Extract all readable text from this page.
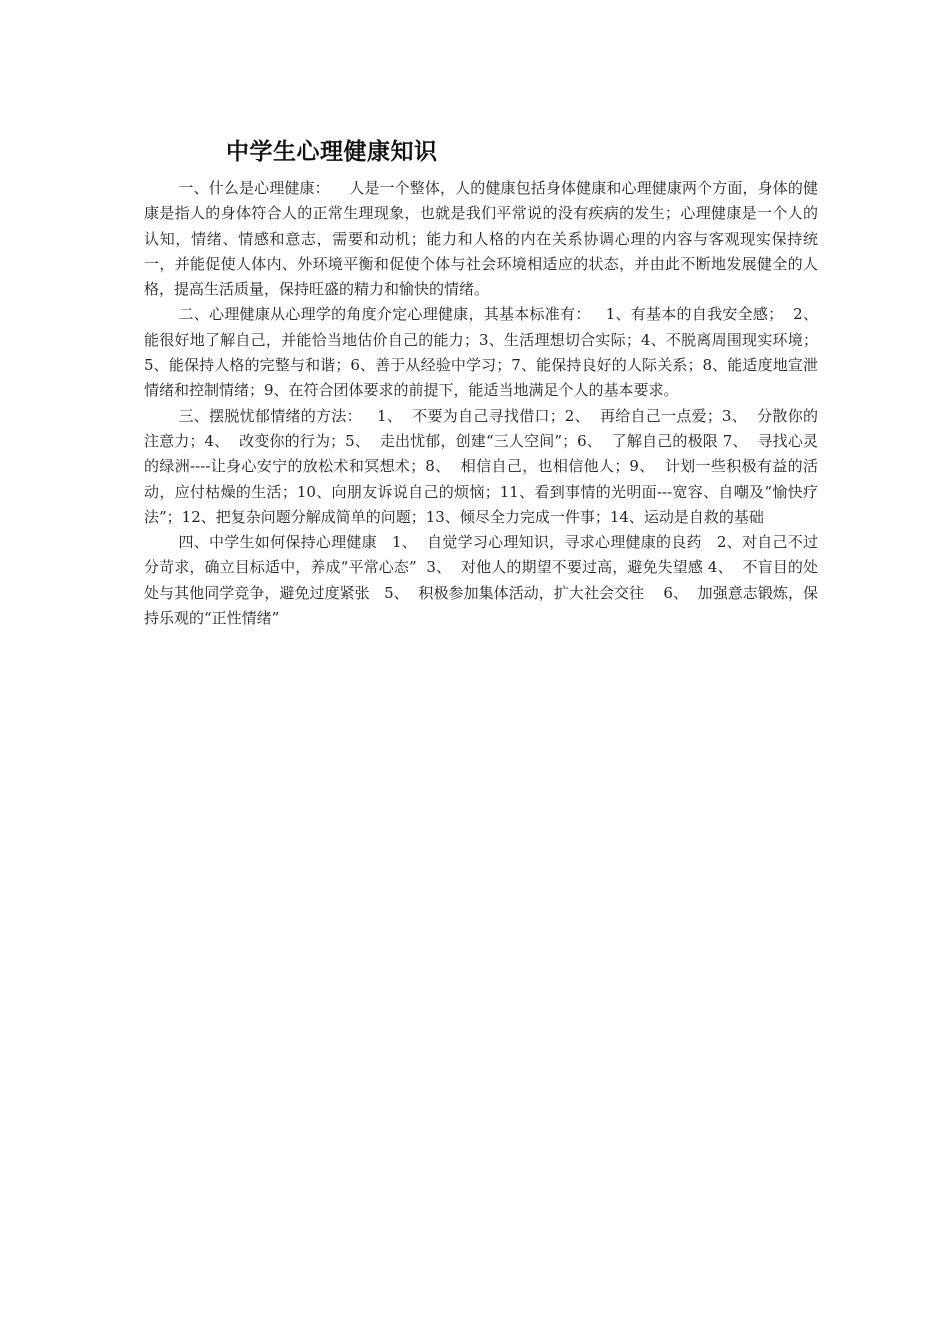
中学生心理健康知识

一、什么是心理健康：    人是一个整体，人的健康包括身体健康和心理健康两个方面，身体的健康是指人的身体符合人的正常生理现象，也就是我们平常说的没有疾病的发生；心理健康是一个人的认知，情绪、情感和意志，需要和动机；能力和人格的内在关系协调心理的内容与客观现实保持统一，并能促使人体内、外环境平衡和促使个体与社会环境相适应的状态，并由此不断地发展健全的人格，提高生活质量，保持旺盛的精力和愉快的情绪。

二、心理健康从心理学的角度介定心理健康，其基本标准有：   1、有基本的自我安全感；  2、能很好地了解自己，并能恰当地估价自己的能力；3、生活理想切合实际；4、不脱离周围现实环境；5、能保持人格的完整与和谐；6、善于从经验中学习；7、能保持良好的人际关系；8、能适度地宣泄情绪和控制情绪；9、在符合团体要求的前提下，能适当地满足个人的基本要求。

三、摆脱忧郁情绪的方法：   1、  不要为自己寻找借口；2、  再给自己一点爱；3、  分散你的注意力；4、  改变你的行为；5、  走出忧郁，创建“三人空间”；6、  了解自己的极限 7、  寻找心灵的绿洲----让身心安宁的放松术和冥想术；8、  相信自己，也相信他人；9、  计划一些积极有益的活动，应付枯燥的生活；10、向朋友诉说自己的烦恼；11、看到事情的光明面---宽容、自嘲及“愉快疗法”；12、把复杂问题分解成简单的问题；13、倾尽全力完成一件事；14、运动是自救的基础

四、中学生如何保持心理健康   1、  自觉学习心理知识，寻求心理健康的良药   2、对自己不过分苛求，确立目标适中，养成“平常心态”  3、  对他人的期望不要过高，避免失望感 4、  不盲目的处处与其他同学竞争，避免过度紧张   5、  积极参加集体活动，扩大社会交往    6、  加强意志锻炼，保持乐观的“正性情绪”
